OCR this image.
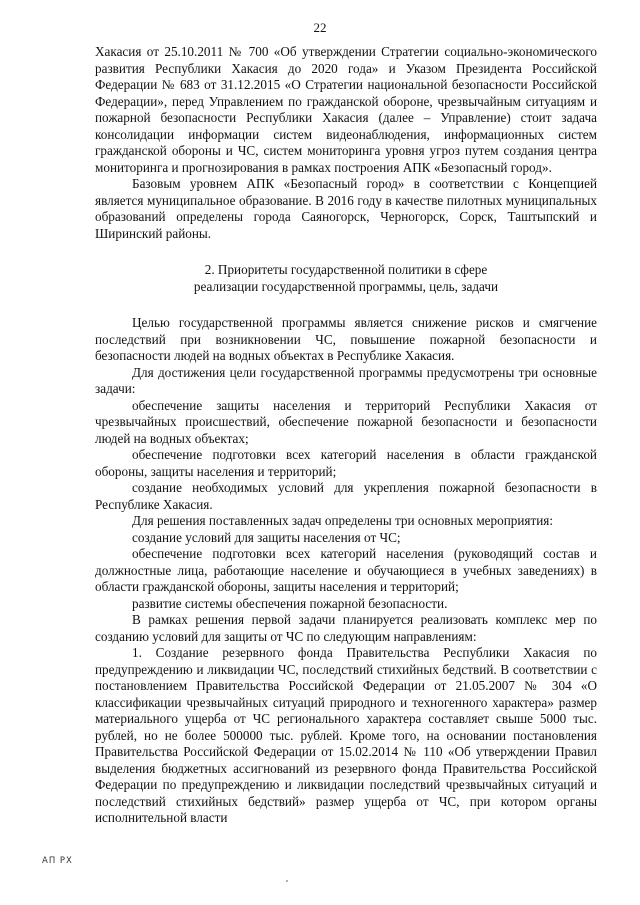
22

Хакасия от 25.10.2011 № 700 «Об утверждении Стратегии социально-экономического развития Республики Хакасия до 2020 года» и Указом Президента Российской Федерации № 683 от 31.12.2015 «О Стратегии национальной безопасности Российской Федерации», перед Управлением по гражданской обороне, чрезвычайным ситуациям и пожарной безопасности Республики Хакасия (далее – Управление) стоит задача консолидации информации систем видеонаблюдения, информационных систем гражданской обороны и ЧС, систем мониторинга уровня угроз путем создания центра мониторинга и прогнозирования в рамках построения АПК «Безопасный город».

Базовым уровнем АПК «Безопасный город» в соответствии с Концепцией является муниципальное образование. В 2016 году в качестве пилотных муниципальных образований определены города Саяногорск, Черногорск, Сорск, Таштыпский и Ширинский районы.

2. Приоритеты государственной политики в сфере
реализации государственной программы, цель, задачи

Целью государственной программы является снижение рисков и смягчение последствий при возникновении ЧС, повышение пожарной безопасности и безопасности людей на водных объектах в Республике Хакасия.

Для достижения цели государственной программы предусмотрены три основные задачи:

обеспечение защиты населения и территорий Республики Хакасия от чрезвычайных происшествий, обеспечение пожарной безопасности и безопасности людей на водных объектах;

обеспечение подготовки всех категорий населения в области гражданской обороны, защиты населения и территорий;

создание необходимых условий для укрепления пожарной безопасности в Республике Хакасия.

Для решения поставленных задач определены три основных мероприятия:

создание условий для защиты населения от ЧС;

обеспечение подготовки всех категорий населения (руководящий состав и должностные лица, работающие население и обучающиеся в учебных заведениях) в области гражданской обороны, защиты населения и территорий;

развитие системы обеспечения пожарной безопасности.

В рамках решения первой задачи планируется реализовать комплекс мер по созданию условий для защиты от ЧС по следующим направлениям:

1. Создание резервного фонда Правительства Республики Хакасия по предупреждению и ликвидации ЧС, последствий стихийных бедствий. В соответствии с постановлением Правительства Российской Федерации от 21.05.2007 № 304 «О классификации чрезвычайных ситуаций природного и техногенного характера» размер материального ущерба от ЧС регионального характера составляет свыше 5000 тыс. рублей, но не более 500000 тыс. рублей. Кроме того, на основании постановления Правительства Российской Федерации от 15.02.2014 № 110 «Об утверждении Правил выделения бюджетных ассигнований из резервного фонда Правительства Российской Федерации по предупреждению и ликвидации последствий чрезвычайных ситуаций и последствий стихийных бедствий» размер ущерба от ЧС, при котором органы исполнительной власти

АП РХ
